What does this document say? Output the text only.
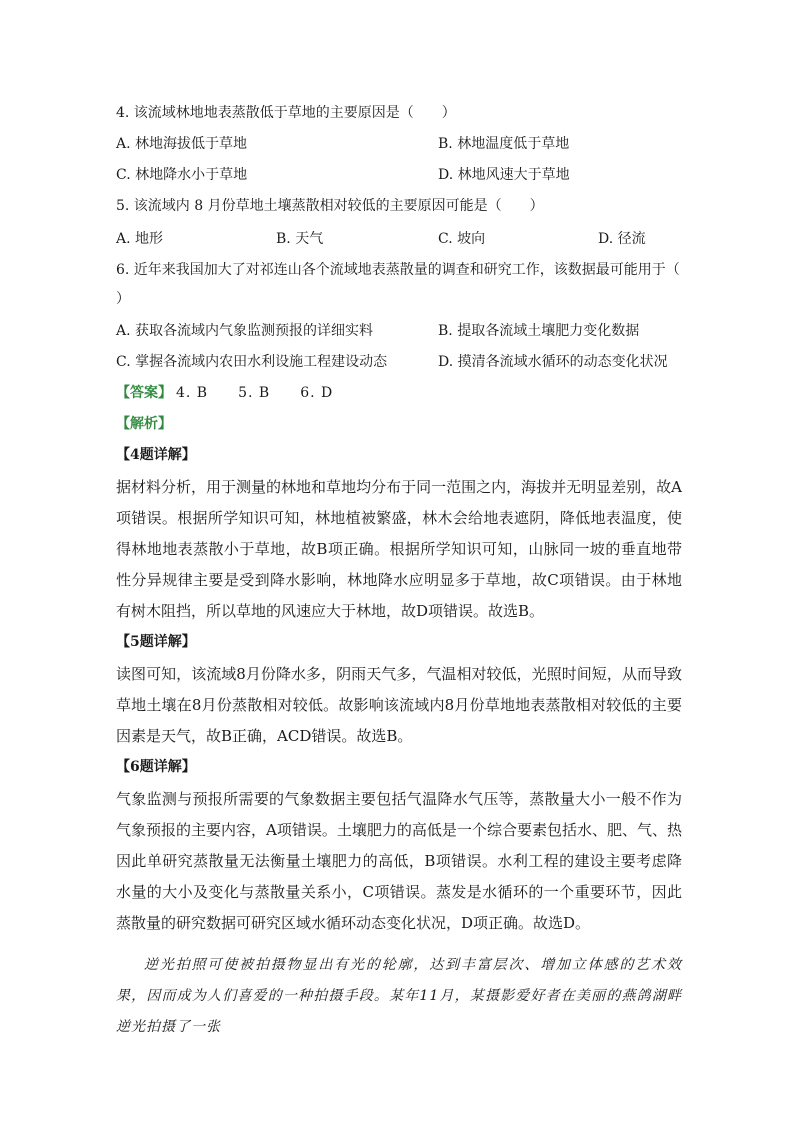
4. 该流域林地地表蒸散低于草地的主要原因是（　　）
A. 林地海拔低于草地	B. 林地温度低于草地
C. 林地降水小于草地	D. 林地风速大于草地
5. 该流域内 8 月份草地土壤蒸散相对较低的主要原因可能是（　　）
A. 地形	B. 天气	C. 坡向	D. 径流
6. 近年来我国加大了对祁连山各个流域地表蒸散量的调查和研究工作，该数据最可能用于（
）
A. 获取各流域内气象监测预报的详细实料	B. 提取各流域土壤肥力变化数据
C. 掌握各流域内农田水利设施工程建设动态	D. 摸清各流域水循环的动态变化状况
【答案】 4. B 5. B 6. D
【解析】
【4题详解】
据材料分析，用于测量的林地和草地均分布于同一范围之内，海拔并无明显差别，故A项错误。根据所学知识可知，林地植被繁盛，林木会给地表遮阴，降低地表温度，使得林地地表蒸散小于草地，故B项正确。根据所学知识可知，山脉同一坡的垂直地带性分异规律主要是受到降水影响，林地降水应明显多于草地，故C项错误。由于林地有树木阻挡，所以草地的风速应大于林地，故D项错误。故选B。
【5题详解】
读图可知，该流域8月份降水多，阴雨天气多，气温相对较低，光照时间短，从而导致草地土壤在8月份蒸散相对较低。故影响该流域内8月份草地地表蒸散相对较低的主要因素是天气，故B正确，ACD错误。故选B。
【6题详解】
气象监测与预报所需要的气象数据主要包括气温降水气压等，蒸散量大小一般不作为气象预报的主要内容，A项错误。土壤肥力的高低是一个综合要素包括水、肥、气、热因此单研究蒸散量无法衡量土壤肥力的高低，B项错误。水利工程的建设主要考虑降水量的大小及变化与蒸散量关系小，C项错误。蒸发是水循环的一个重要环节，因此蒸散量的研究数据可研究区域水循环动态变化状况，D项正确。故选D。
逆光拍照可使被拍摄物显出有光的轮廓，达到丰富层次、增加立体感的艺术效果，因而成为人们喜爱的一种拍摄手段。某年11月，某摄影爱好者在美丽的燕鸽湖畔逆光拍摄了一张
